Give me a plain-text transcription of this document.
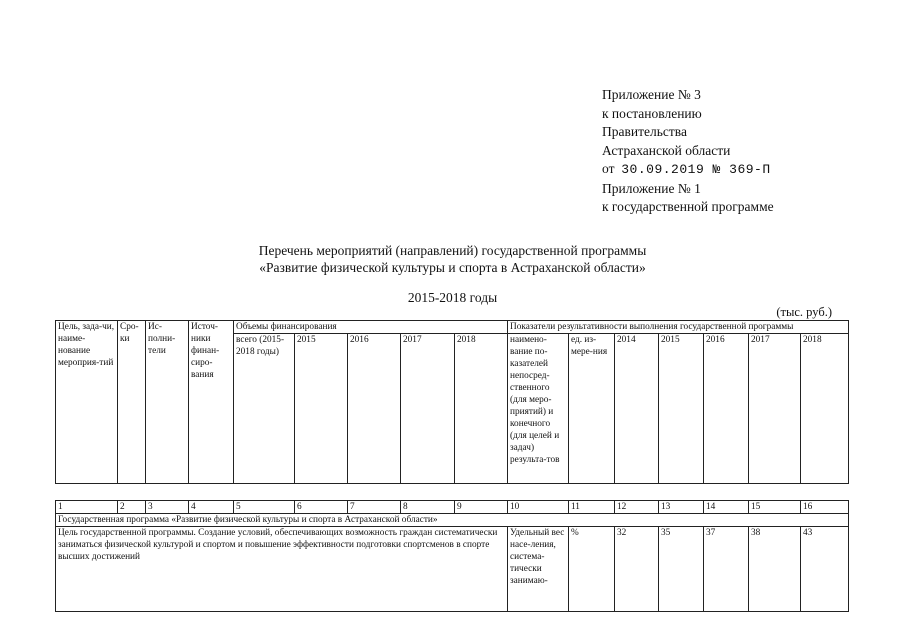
Приложение № 3
к постановлению
Правительства
Астраханской области
от 30.09.2019 № 369-П
Приложение № 1
к государственной программе
Перечень мероприятий (направлений) государственной программы
«Развитие физической культуры и спорта в Астраханской области»
2015-2018 годы
(тыс. руб.)
Цель, зада-чи, наиме-нование мероприя-тий	Сро-ки	Ис-полни-тели	Источ-ники финан-сиро-вания	Объемы финансирования					Показатели результативности выполнения государственной программы						
				всего (2015-2018 годы)	2015	2016	2017	2018	наимено-вание по-казателей непосред-ственного (для меро-приятий) и конечного (для целей и задач) результа-тов	ед. из-мере-ния	2014	2015	2016	2017	2018
1	2	3	4	5	6	7	8	9	10	11	12	13	14	15	16
Государственная программа «Развитие физической культуры и спорта в Астраханской области»															
Цель государственной программы. Создание условий, обеспечивающих возможность граждан систематически заниматься физической культурой и спортом и повышение эффективности подготовки спортсменов в спорте высших достижений									Удельный вес насе-ления, система-тически занимаю-	%	32	35	37	38	43
